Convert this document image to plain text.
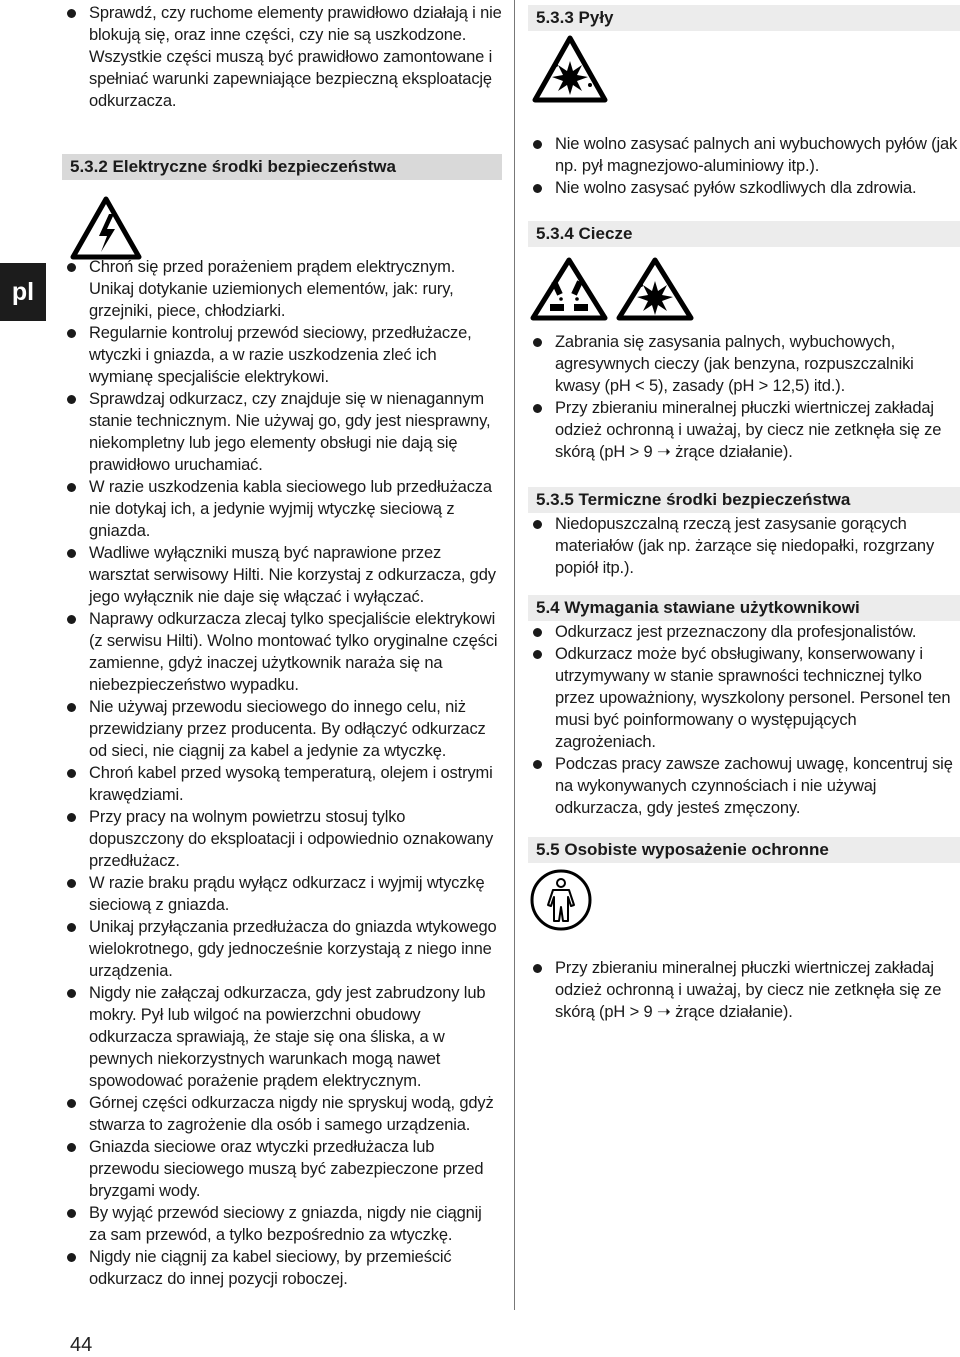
pl
Sprawdź, czy ruchome elementy prawidłowo działają i nie blokują się, oraz inne części, czy nie są uszkodzone. Wszystkie części muszą być prawidłowo zamontowane i spełniać warunki zapewniające bezpieczną eksploatację odkurzacza.
5.3.2 Elektryczne środki bezpieczeństwa
Chroń się przed porażeniem prądem elektrycznym. Unikaj dotykanie uziemionych elementów, jak: rury, grzejniki, piece, chłodziarki.
Regularnie kontroluj przewód sieciowy, przedłużacze, wtyczki i gniazda, a w razie uszkodzenia zleć ich wymianę specjaliście elektrykowi.
Sprawdzaj odkurzacz, czy znajduje się w nienagannym stanie technicznym. Nie używaj go, gdy jest niesprawny, niekompletny lub jego elementy obsługi nie dają się prawidłowo uruchamiać.
W razie uszkodzenia kabla sieciowego lub przedłużacza nie dotykaj ich, a jedynie wyjmij wtyczkę sieciową z gniazda.
Wadliwe wyłączniki muszą być naprawione przez warsztat serwisowy Hilti. Nie korzystaj z odkurzacza, gdy jego wyłącznik nie daje się włączać i wyłączać.
Naprawy odkurzacza zlecaj tylko specjaliście elektrykowi (z serwisu Hilti). Wolno montować tylko oryginalne części zamienne, gdyż inaczej użytkownik naraża się na niebezpieczeństwo wypadku.
Nie używaj przewodu sieciowego do innego celu, niż przewidziany przez producenta. By odłączyć odkurzacz od sieci, nie ciągnij za kabel a jedynie za wtyczkę.
Chroń kabel przed wysoką temperaturą, olejem i ostrymi krawędziami.
Przy pracy na wolnym powietrzu stosuj tylko dopuszczony do eksploatacji i odpowiednio oznakowany przedłużacz.
W razie braku prądu wyłącz odkurzacz i wyjmij wtyczkę sieciową z gniazda.
Unikaj przyłączania przedłużacza do gniazda wtykowego wielokrotnego, gdy jednocześnie korzystają z niego inne urządzenia.
Nigdy nie załączaj odkurzacza, gdy jest zabrudzony lub mokry. Pył lub wilgoć na powierzchni obudowy odkurzacza sprawiają, że staje się ona śliska, a w pewnych niekorzystnych warunkach mogą nawet spowodować porażenie prądem elektrycznym.
Górnej części odkurzacza nigdy nie spryskuj wodą, gdyż stwarza to zagrożenie dla osób i samego urządzenia.
Gniazda sieciowe oraz wtyczki przedłużacza lub przewodu sieciowego muszą być zabezpieczone przed bryzgami wody.
By wyjąć przewód sieciowy z gniazda, nigdy nie ciągnij za sam przewód, a tylko bezpośrednio za wtyczkę.
Nigdy nie ciągnij za kabel sieciowy, by przemieścić odkurzacz do innej pozycji roboczej.
5.3.3 Pyły
Nie wolno zasysać palnych ani wybuchowych pyłów (jak np. pył magnezjowo-aluminiowy itp.).
Nie wolno zasysać pyłów szkodliwych dla zdrowia.
5.3.4 Ciecze
Zabrania się zasysania palnych, wybuchowych, agresywnych cieczy (jak benzyna, rozpuszczalniki kwasy (pH < 5), zasady (pH > 12,5) itd.).
Przy zbieraniu mineralnej płuczki wiertniczej zakładaj odzież ochronną i uważaj, by ciecz nie zetknęła się ze skórą (pH > 9 ➝ żrące działanie).
5.3.5 Termiczne środki bezpieczeństwa
Niedopuszczalną rzeczą jest zasysanie gorących materiałów (jak np. żarzące się niedopałki, rozgrzany popiół itp.).
5.4 Wymagania stawiane użytkownikowi
Odkurzacz jest przeznaczony dla profesjonalistów.
Odkurzacz może być obsługiwany, konserwowany i utrzymywany w stanie sprawności technicznej tylko przez upoważniony, wyszkolony personel. Personel ten musi być poinformowany o występujących zagrożeniach.
Podczas pracy zawsze zachowuj uwagę, koncentruj się na wykonywanych czynnościach i nie używaj odkurzacza, gdy jesteś zmęczony.
5.5 Osobiste wyposażenie ochronne
Przy zbieraniu mineralnej płuczki wiertniczej zakładaj odzież ochronną i uważaj, by ciecz nie zetknęła się ze skórą (pH > 9 ➝ żrące działanie).
44
